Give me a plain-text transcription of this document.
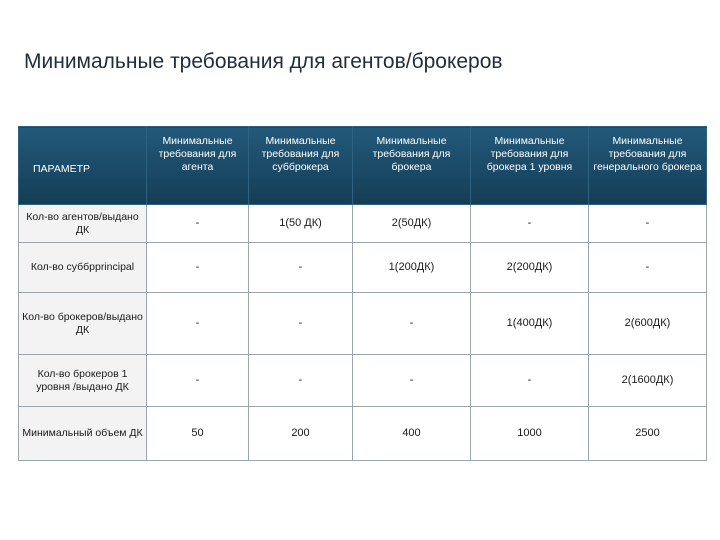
Минимальные требования для агентов/брокеров
ПАРАМЕТР	Минимальные требования для агента	Минимальные требования для субброкера	Минимальные требования для брокера	Минимальные требования для брокера 1 уровня	Минимальные требования для генерального брокера
Кол-во агентов/выдано ДК	-	1(50 ДК)	2(50ДК)	-	-
Кол-во суббрprincipal	-	-	1(200ДК)	2(200ДК)	-
Кол-во брокеров/выдано ДК	-	-	-	1(400ДК)	2(600ДК)
Кол-во брокеров 1 уровня /выдано ДК	-	-	-	-	2(1600ДК)
Минимальный объем ДК	50	200	400	1000	2500
